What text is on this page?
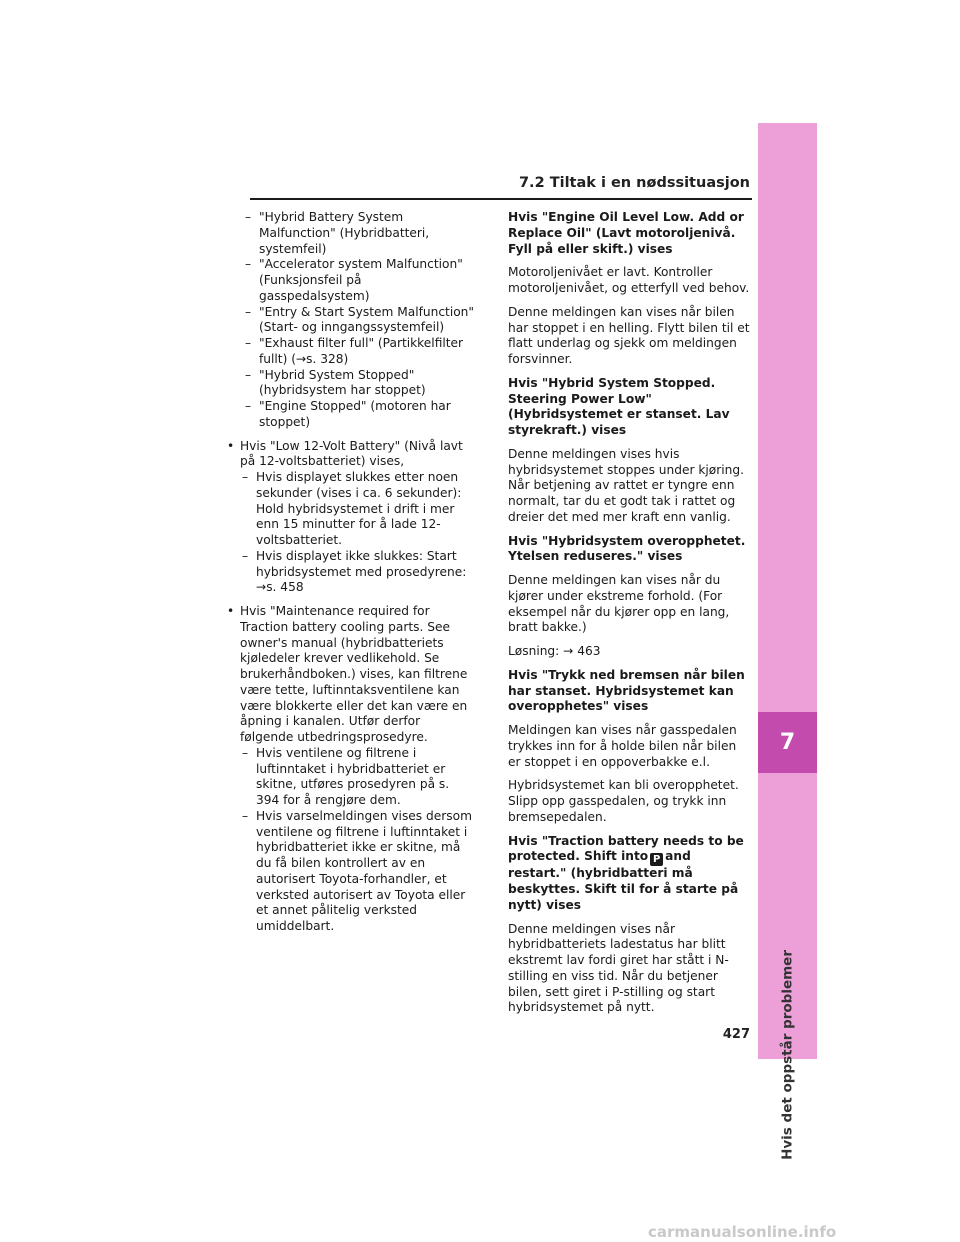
7.2 Tiltak i en nødssituasjon

– "Hybrid Battery System Malfunction" (Hybridbatteri, systemfeil)

– "Accelerator system Malfunction" (Funksjonsfeil på gasspedalsystem)

– "Entry & Start System Malfunction" (Start- og inngangssystemfeil)

– "Exhaust filter full" (Partikkelfilter fullt) (→s. 328)

– "Hybrid System Stopped" (hybridsystem har stoppet)

– "Engine Stopped" (motoren har stoppet)

• Hvis "Low 12-Volt Battery" (Nivå lavt på 12-voltsbatteriet) vises,

– Hvis displayet slukkes etter noen sekunder (vises i ca. 6 sekunder): Hold hybridsystemet i drift i mer enn 15 minutter for å lade 12-voltsbatteriet.

– Hvis displayet ikke slukkes: Start hybridsystemet med prosedyrene: →s. 458

• Hvis "Maintenance required for Traction battery cooling parts. See owner's manual (hybridbatteriets kjøledeler krever vedlikehold. Se brukerhåndboken.) vises, kan filtrene være tette, luftinntaksventilene kan være blokkerte eller det kan være en åpning i kanalen. Utfør derfor følgende utbedringsprosedyre.

– Hvis ventilene og filtrene i luftinntaket i hybridbatteriet er skitne, utføres prosedyren på s. 394 for å rengjøre dem.

– Hvis varselmeldingen vises dersom ventilene og filtrene i luftinntaket i hybridbatteriet ikke er skitne, må du få bilen kontrollert av en autorisert Toyota-forhandler, et verksted autorisert av Toyota eller et annet pålitelig verksted umiddelbart.

Hvis "Engine Oil Level Low. Add or Replace Oil" (Lavt motoroljenivå. Fyll på eller skift.) vises

Motoroljenivået er lavt. Kontroller motoroljenivået, og etterfyll ved behov.

Denne meldingen kan vises når bilen har stoppet i en helling. Flytt bilen til et flatt underlag og sjekk om meldingen forsvinner.

Hvis "Hybrid System Stopped. Steering Power Low" (Hybridsystemet er stanset. Lav styrekraft.) vises

Denne meldingen vises hvis hybridsystemet stoppes under kjøring. Når betjening av rattet er tyngre enn normalt, tar du et godt tak i rattet og dreier det med mer kraft enn vanlig.

Hvis "Hybridsystem overopphetet. Ytelsen reduseres." vises

Denne meldingen kan vises når du kjører under ekstreme forhold. (For eksempel når du kjører opp en lang, bratt bakke.)

Løsning: → 463

Hvis "Trykk ned bremsen når bilen har stanset. Hybridsystemet kan overopphetes" vises

Meldingen kan vises når gasspedalen trykkes inn for å holde bilen når bilen er stoppet i en oppoverbakke e.l.

Hybridsystemet kan bli overopphetet. Slipp opp gasspedalen, og trykk inn bremsepedalen.

Hvis "Traction battery needs to be protected. Shift into P and restart." (hybridbatteri må beskyttes. Skift til for å starte på nytt) vises

Denne meldingen vises når hybridbatteriets ladestatus har blitt ekstremt lav fordi giret har stått i N-stilling en viss tid. Når du betjener bilen, sett giret i P-stilling og start hybridsystemet på nytt.

7
Hvis det oppstår problemer
427
carmanualsonline.info
